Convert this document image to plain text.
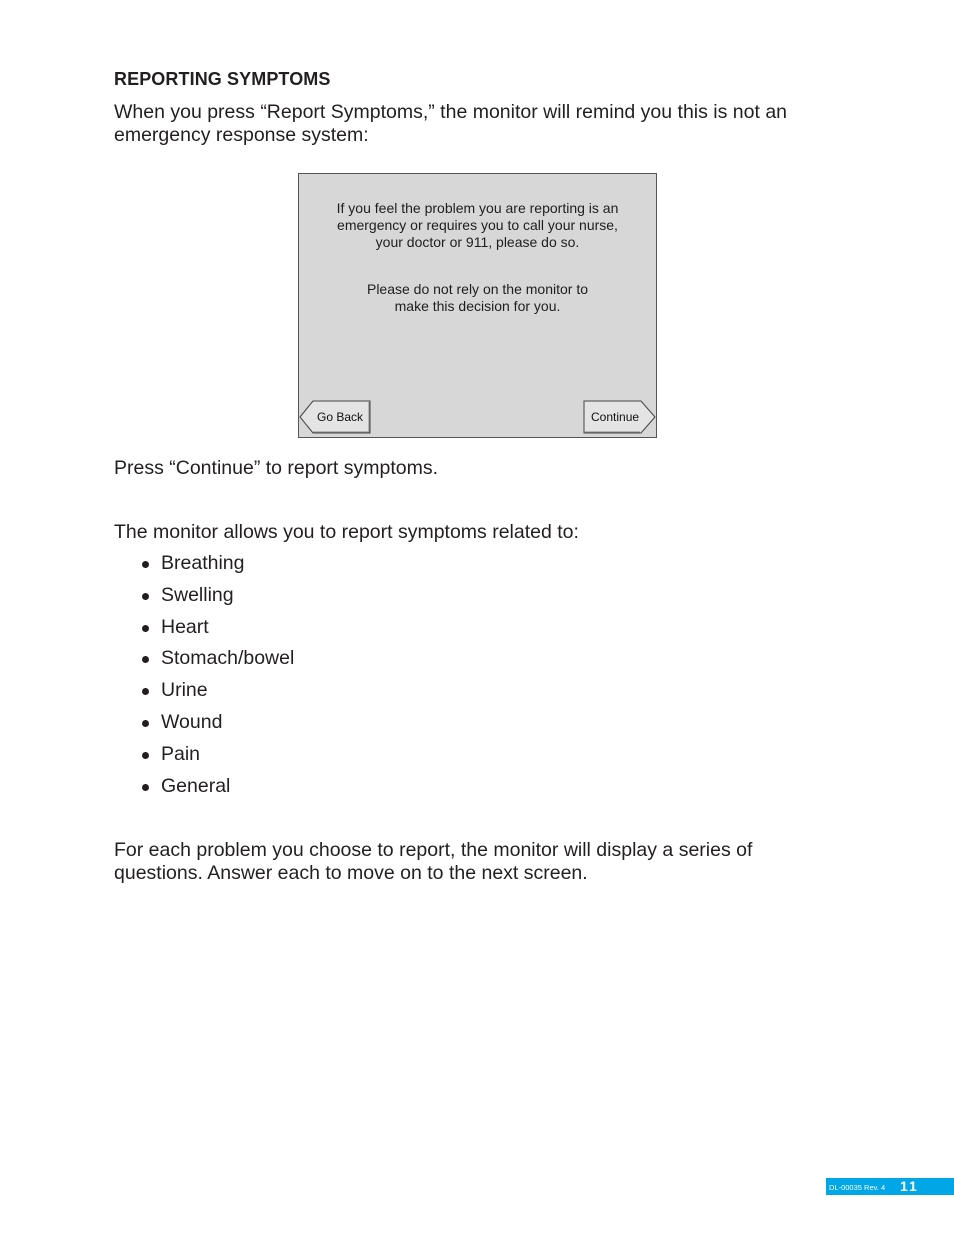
REPORTING SYMPTOMS
When you press “Report Symptoms,” the monitor will remind you this is not an emergency response system:
If you feel the problem you are reporting is an emergency or requires you to call your nurse, your doctor or 911, please do so.
Please do not rely on the monitor to make this decision for you.
Go Back	Continue
Press “Continue” to report symptoms.
The monitor allows you to report symptoms related to:
Breathing
Swelling
Heart
Stomach/bowel
Urine
Wound
Pain
General
For each problem you choose to report, the monitor will display a series of questions. Answer each to move on to the next screen.
DL-00035 Rev. 4 11
